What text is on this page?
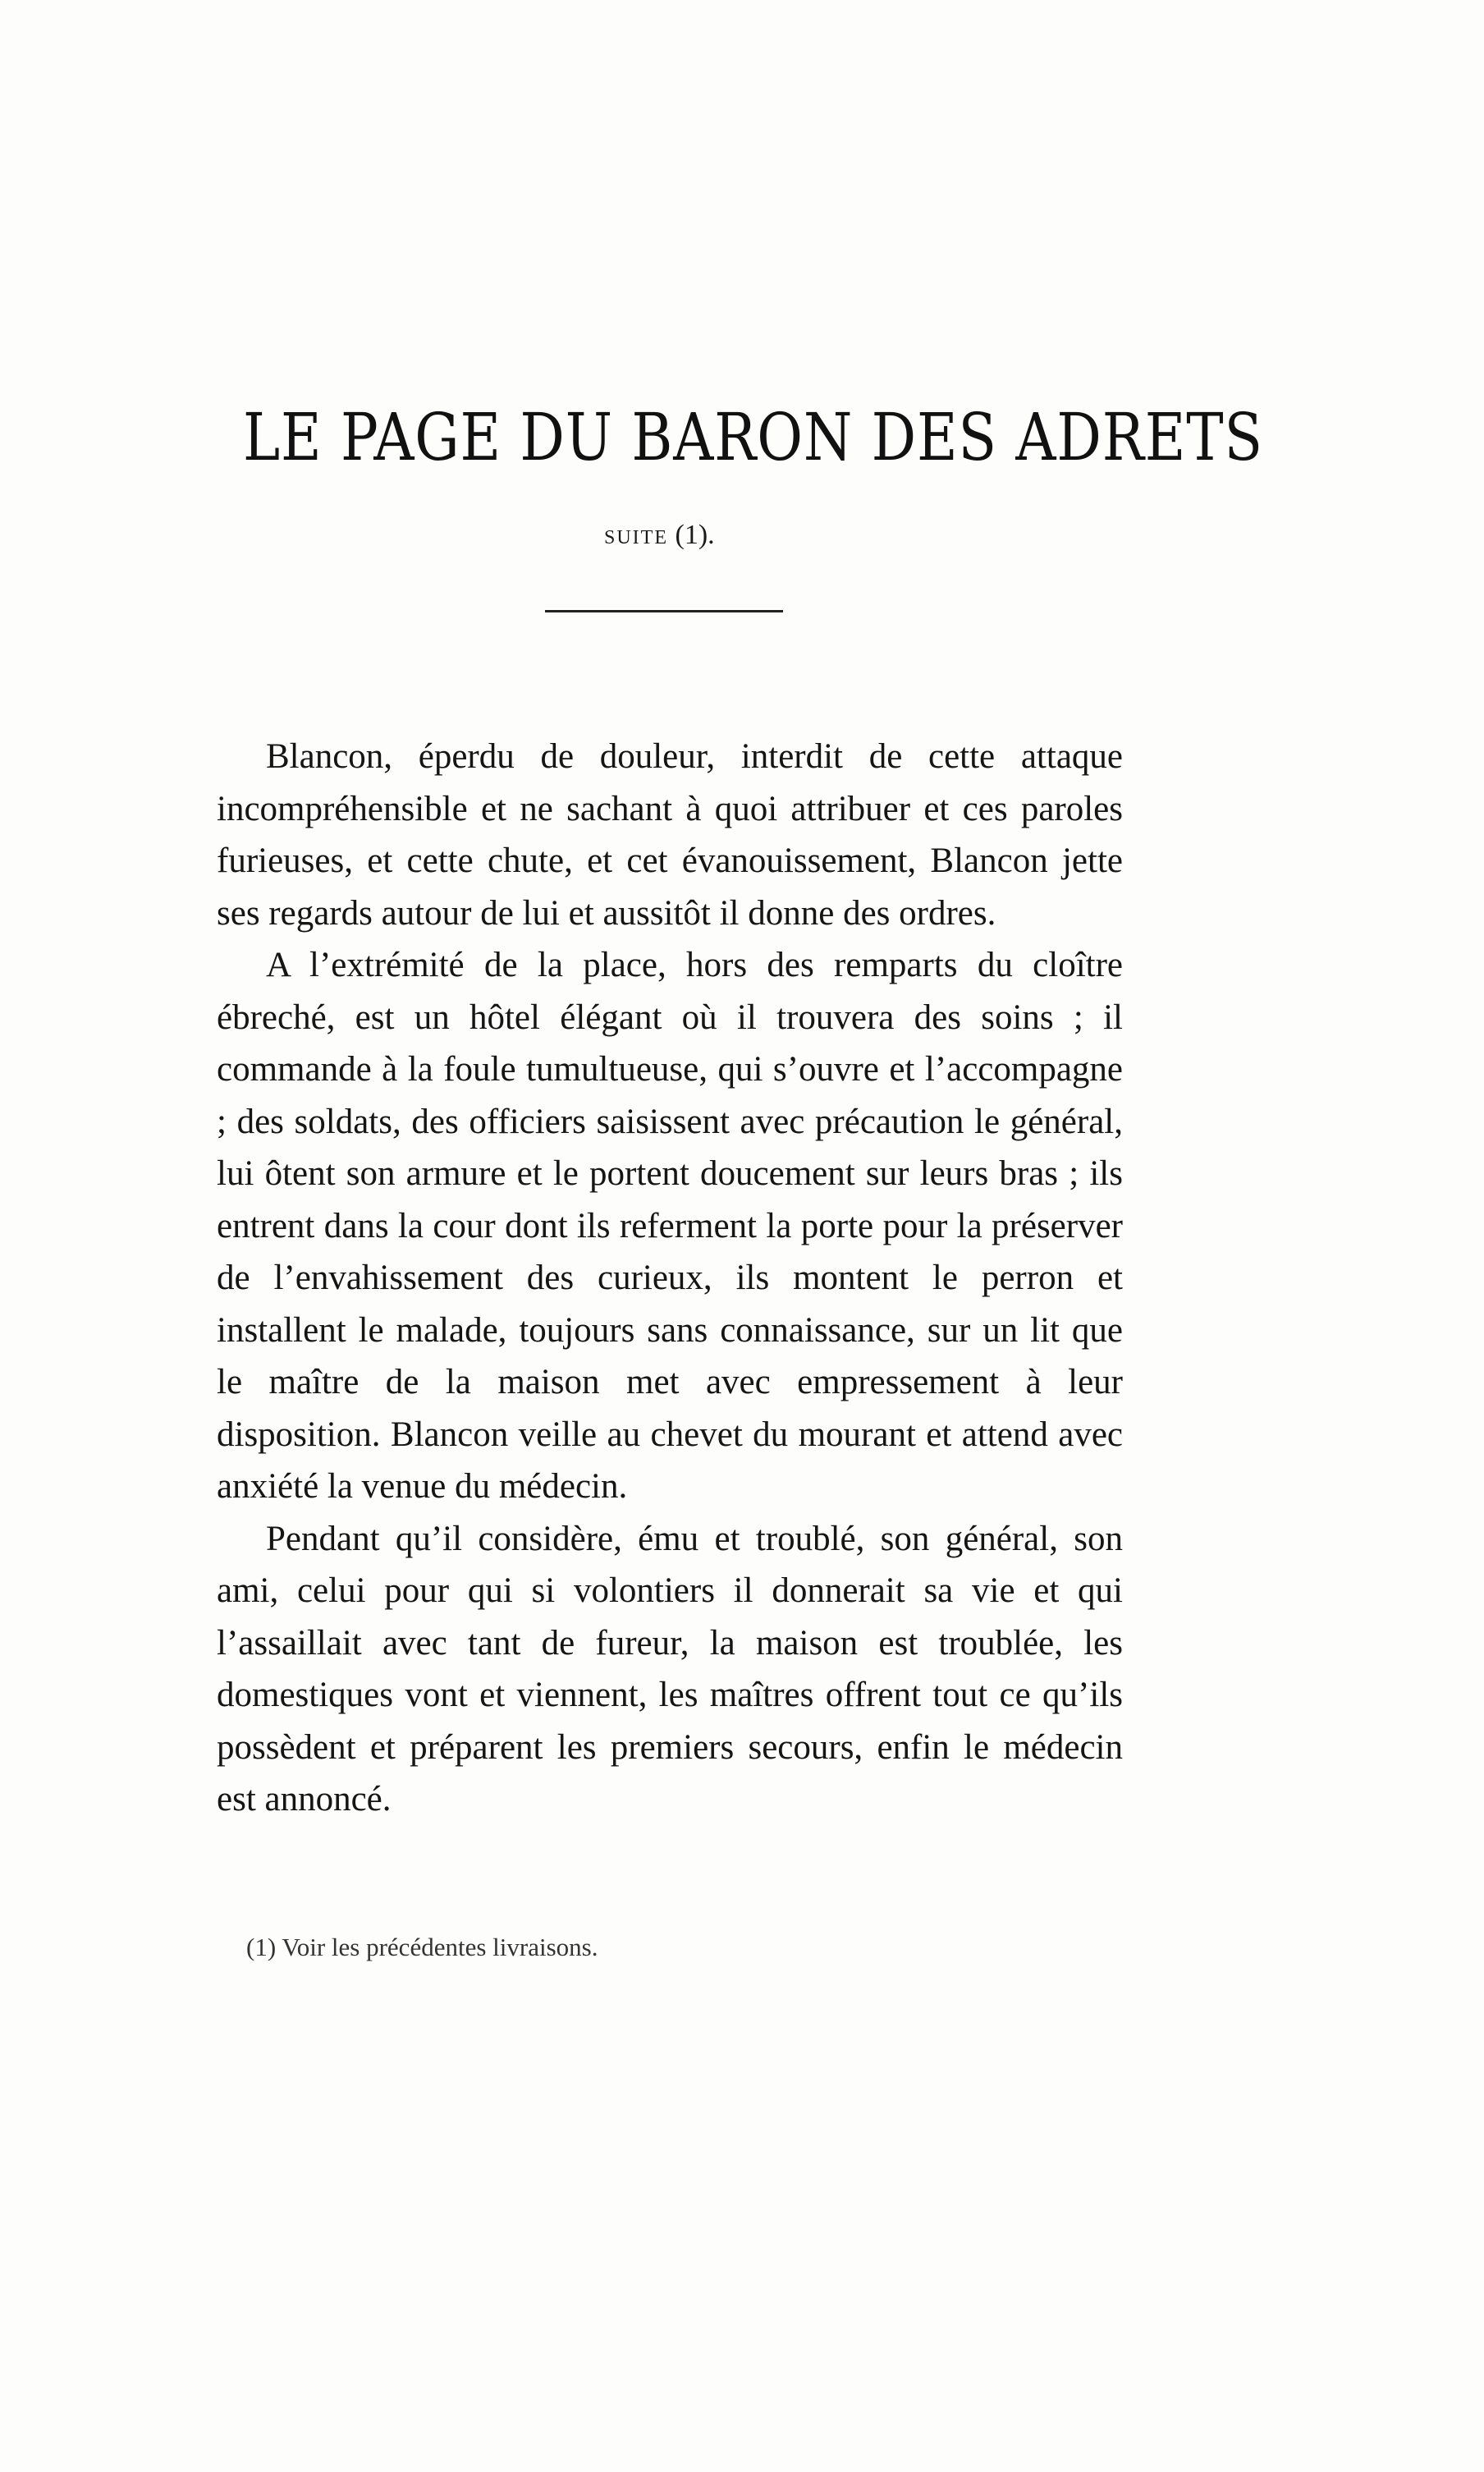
LE PAGE DU BARON DES ADRETS
SUITE (1).

Blancon, éperdu de douleur, interdit de cette attaque incompréhensible et ne sachant à quoi attribuer et ces paroles furieuses, et cette chute, et cet évanouissement, Blancon jette ses regards autour de lui et aussitôt il donne des ordres.

A l’extrémité de la place, hors des remparts du cloître ébreché, est un hôtel élégant où il trouvera des soins ; il commande à la foule tumultueuse, qui s’ouvre et l’accompagne ; des soldats, des officiers saisissent avec précaution le général, lui ôtent son armure et le portent doucement sur leurs bras ; ils entrent dans la cour dont ils referment la porte pour la préserver de l’envahissement des curieux, ils montent le perron et installent le malade, toujours sans connaissance, sur un lit que le maître de la maison met avec empressement à leur disposition. Blancon veille au chevet du mourant et attend avec anxiété la venue du médecin.

Pendant qu’il considère, ému et troublé, son général, son ami, celui pour qui si volontiers il donnerait sa vie et qui l’assaillait avec tant de fureur, la maison est troublée, les domestiques vont et viennent, les maîtres offrent tout ce qu’ils possèdent et préparent les premiers secours, enfin le médecin est annoncé.

(1) Voir les précédentes livraisons.
